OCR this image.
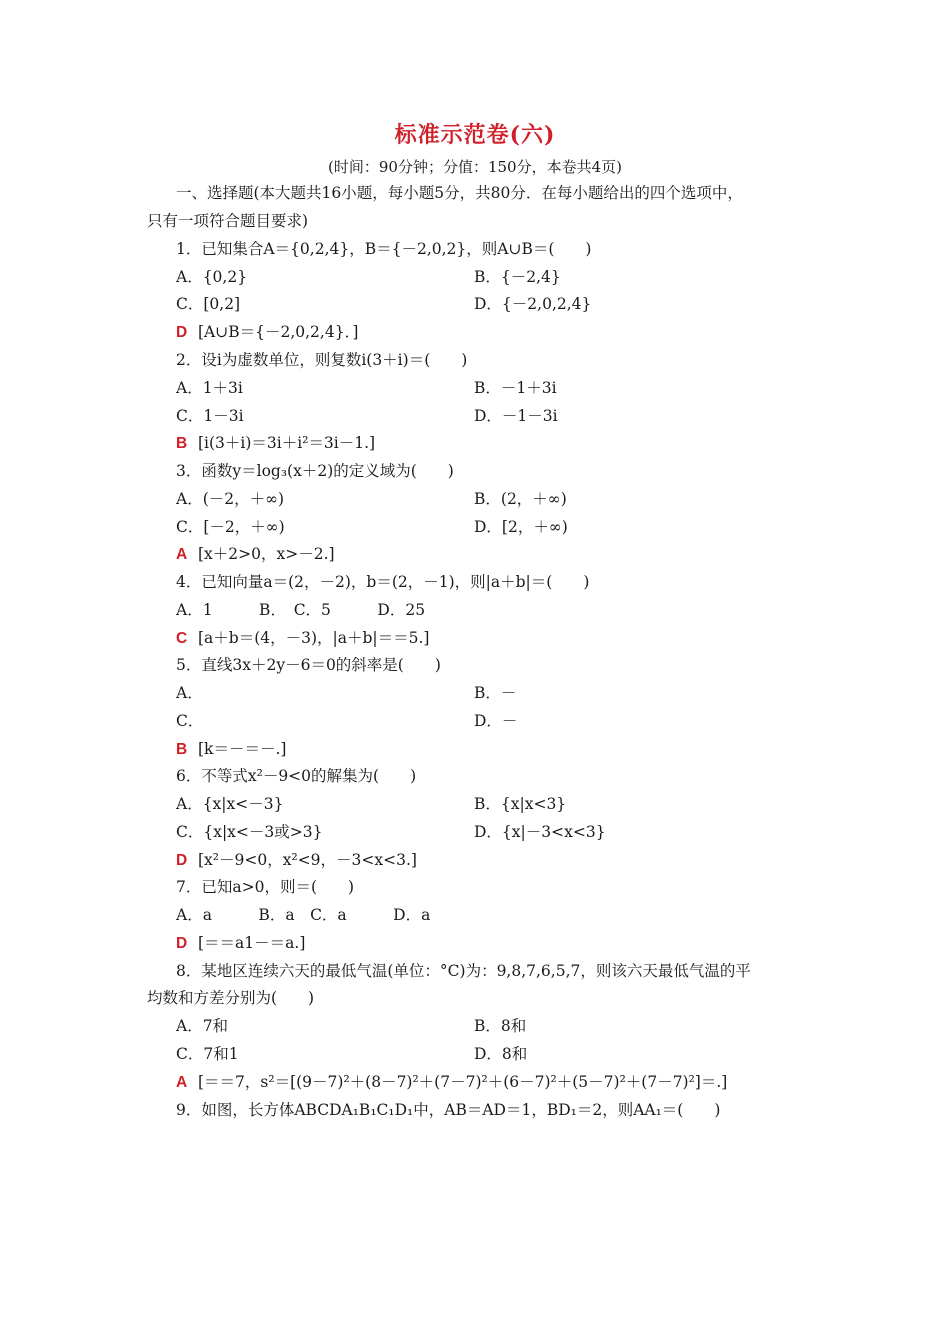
标准示范卷(六)
(时间：90分钟；分值：150分，本卷共4页)
一、选择题(本大题共16小题，每小题5分，共80分．在每小题给出的四个选项中，
只有一项符合题目要求)
1．已知集合A＝{0,2,4}，B＝{－2,0,2}，则A∪B＝(　　)
A．{0,2}	B．{－2,4}
C．[0,2]	D．{－2,0,2,4}
D [A∪B＝{－2,0,2,4}．]
2．设i为虚数单位，则复数i(3＋i)＝(　　)
A．1＋3i	B．－1＋3i
C．1－3i	D．－1－3i
B [i(3＋i)＝3i＋i²＝3i－1.]
3．函数y＝log₃(x＋2)的定义域为(　　)
A．(－2，＋∞)	B．(2，＋∞)
C．[－2，＋∞)	D．[2，＋∞)
A [x＋2>0，x>－2.]
4．已知向量a＝(2，－2)，b＝(2，－1)，则|a＋b|＝(　　)
A．1　　　B．　C．5　　　D．25
C [a＋b＝(4，－3)，|a＋b|＝＝5.]
5．直线3x＋2y－6＝0的斜率是(　　)
A．	B．－
C．	D．－
B [k＝－＝－.]
6．不等式x²－9<0的解集为(　　)
A．{x|x<－3}	B．{x|x<3}
C．{x|x<－3或>3}	D．{x|－3<x<3}
D [x²－9<0，x²<9，－3<x<3.]
7．已知a>0，则＝(　　)
A．a　　　B．a　C．a　　　D．a
D [＝＝a1－＝a.]
8．某地区连续六天的最低气温(单位：°C)为：9,8,7,6,5,7，则该六天最低气温的平
均数和方差分别为(　　)
A．7和	B．8和
C．7和1	D．8和
A [＝＝7，s²＝[(9－7)²＋(8－7)²＋(7－7)²＋(6－7)²＋(5－7)²＋(7－7)²]＝.]
9．如图，长方体ABCDA₁B₁C₁D₁中，AB＝AD＝1，BD₁＝2，则AA₁＝(　　)
